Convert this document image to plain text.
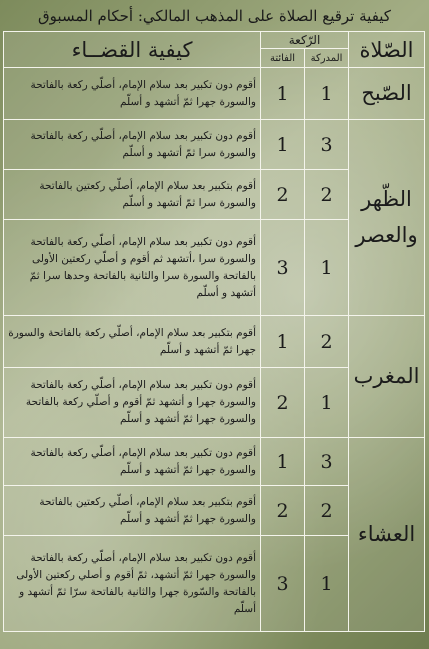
كيفية ترقيع الصلاة على المذهب المالكي: أحكام المسبوق
الصّلاة	الرّكعة		كيفية القضــاء
	المدركة	الفائتة	
الصّبح	1	1	أقوم دون تكبير بعد سلام الإمام، أصلّي ركعة بالفاتحة والسورة جهرا ثمّ أتشهد و أسلّم
الظّهر والعصر	3	1	أقوم دون تكبير بعد سلام الإمام، أصلّي ركعة بالفاتحة والسورة سرا ثمّ أتشهد و أسلّم
	2	2	أقوم بتكبير بعد سلام الإمام، أصلّي ركعتين بالفاتحة والسورة سرا ثمّ أتشهد و أسلّم
	1	3	أقوم دون تكبير بعد سلام الإمام، أصلّي ركعة بالفاتحة والسورة سرا ،أتشهد ثم أقوم و أصلّي ركعتين الأولى بالفاتحة والسورة سرا والثانية بالفاتحة وحدها سرا ثمّ أتشهد و أسلّم
المغرب	2	1	أقوم بتكبير بعد سلام الإمام، أصلّي ركعة بالفاتحة والسورة جهرا ثمّ أتشهد و أسلّم
	1	2	أقوم دون تكبير بعد سلام الإمام، أصلّي ركعة بالفاتحة والسورة جهرا و أتشهد ثمّ أقوم و أصلّي ركعة بالفاتحة والسورة جهرا ثمّ أتشهد و أسلّم
العشاء	3	1	أقوم دون تكبير بعد سلام الإمام، أصلّي ركعة بالفاتحة والسورة جهرا ثمّ أتشهد و أسلّم
	2	2	أقوم بتكبير بعد سلام الإمام، أصلّي ركعتين بالفاتحة والسورة جهرا ثمّ أتشهد و أسلّم
	1	3	أقوم دون تكبير بعد سلام الإمام، أصلّي ركعة بالفاتحة والسورة جهرا ثمّ أتشهد، ثمّ أقوم و أصلي ركعتين الأولى بالفاتحة والسّورة جهرا والثانية بالفاتحة سرّا ثمّ أتشهد و أسلّم
